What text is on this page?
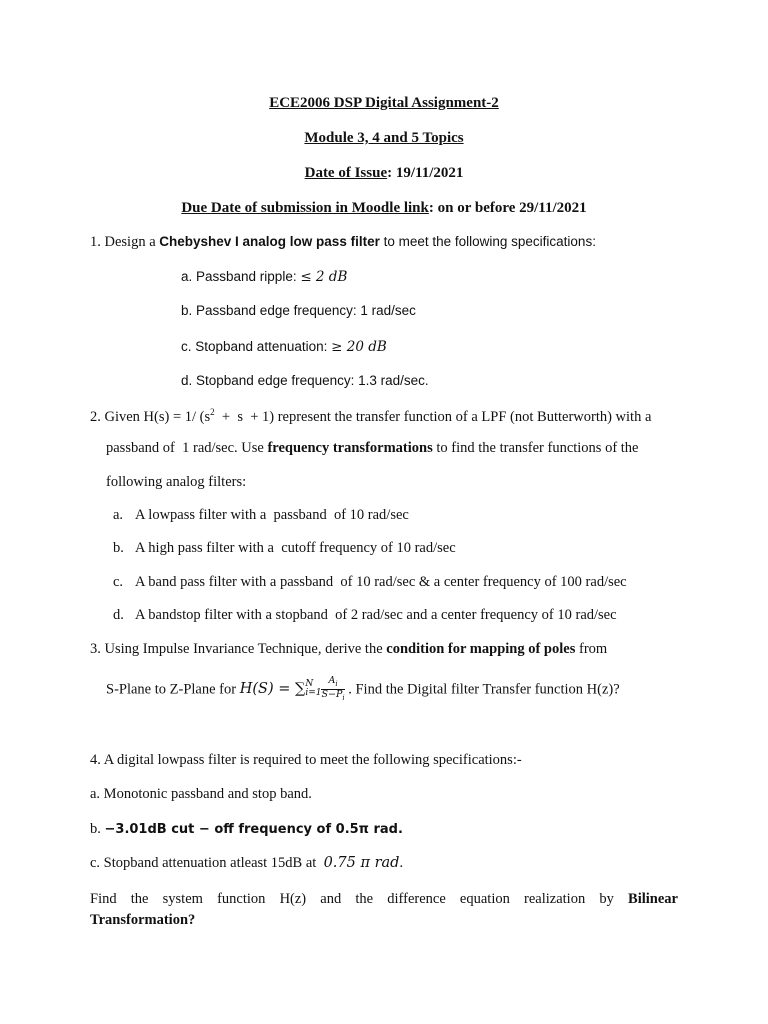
ECE2006 DSP Digital Assignment-2
Module 3, 4 and 5 Topics
Date of Issue: 19/11/2021
Due Date of submission in Moodle link: on or before 29/11/2021
1. Design a Chebyshev I analog low pass filter to meet the following specifications:
a. Passband ripple: ≤ 2 dB
b. Passband edge frequency: 1 rad/sec
c. Stopband attenuation: ≥ 20 dB
d. Stopband edge frequency: 1.3 rad/sec.
2. Given H(s) = 1/ $(s^2 + s + 1)$ represent the transfer function of a LPF (not Butterworth) with a
passband of  1 rad/sec. Use frequency transformations to find the transfer functions of the
following analog filters:
a. A lowpass filter with a  passband  of 10 rad/sec
b. A high pass filter with a  cutoff frequency of 10 rad/sec
c. A band pass filter with a passband  of 10 rad/sec & a center frequency of 100 rad/sec
d. A bandstop filter with a stopband  of 2 rad/sec and a center frequency of 10 rad/sec
3. Using Impulse Invariance Technique, derive the condition for mapping of poles from
S-Plane to Z-Plane for H(S) = ∑ N
$i=1 \frac{A_i}{S-P_i}$ . Find the Digital filter Transfer function H(z)?
4. A digital lowpass filter is required to meet the following specifications:-
a. Monotonic passband and stop band.
b. −3.01dB cut − off frequency of 0.5π rad.
c. Stopband attenuation atleast 15dB at  0.75 π rad.
Find the system function H(z) and the difference equation realization by Bilinear
Transformation?
